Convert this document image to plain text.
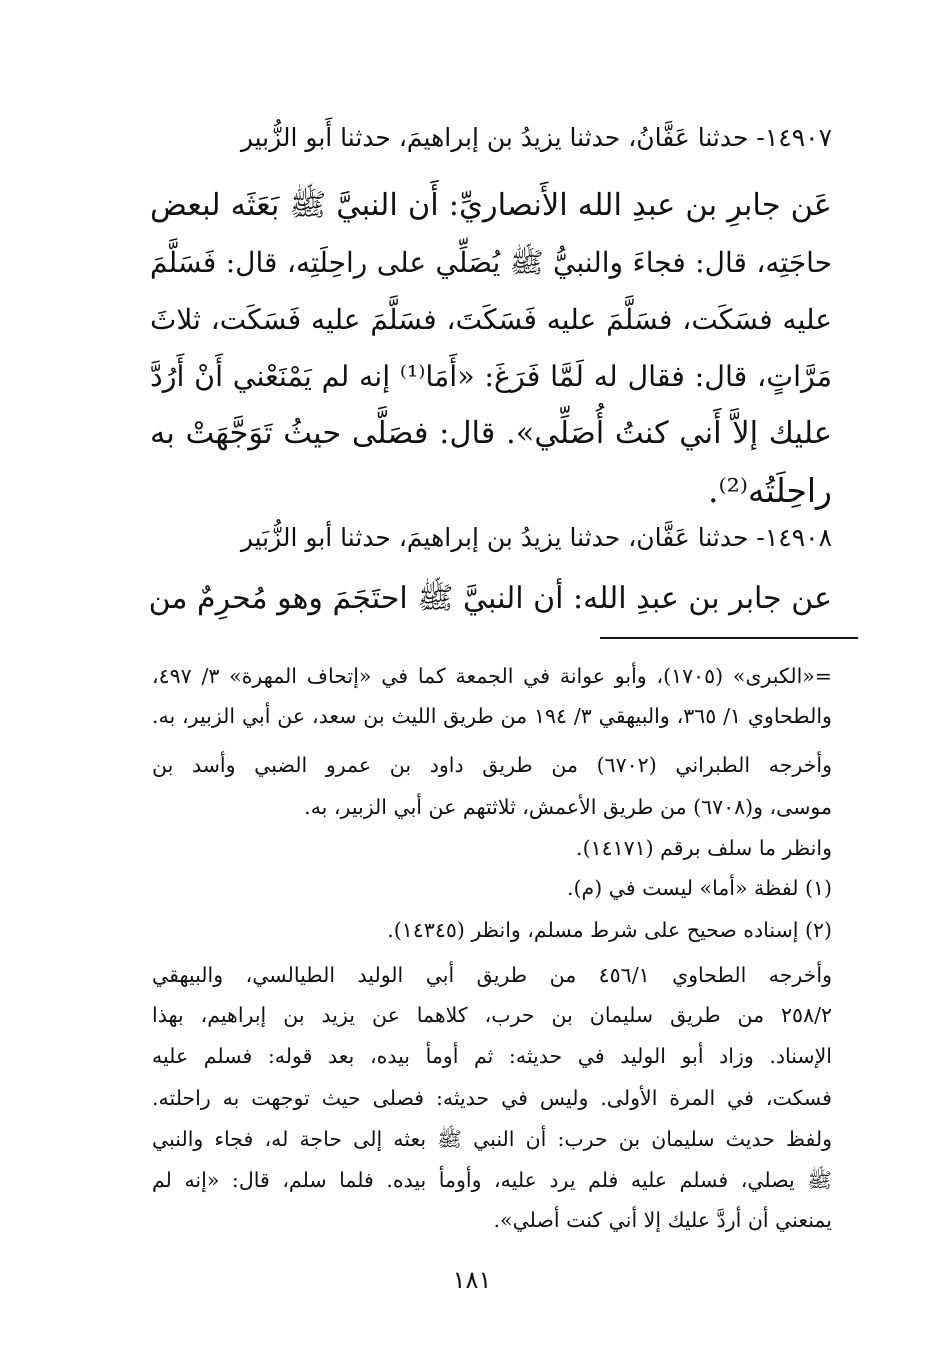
١٤٩٠٧- حدثنا عَفَّانُ، حدثنا يزيدُ بن إبراهيمَ، حدثنا أَبو الزُّبير
عَن جابرِ بن عبدِ الله الأَنصاريِّ: أَن النبيَّ ﷺ بَعَثَه لبعض
حاجَتِه، قال: فجاءَ والنبيُّ ﷺ يُصَلِّي على راحِلَتِه، قال: فَسَلَّمَ
عليه فسَكَت، فسَلَّمَ عليه فَسَكَتَ، فسَلَّمَ عليه فَسَكَت، ثلاثَ
مَرَّاتٍ، قال: فقال له لَمَّا فَرَغَ: «أَمَا⁽¹⁾ إنه لم يَمْنَعْني أَنْ أَرُدَّ
عليك إلاَّ أَني كنتُ أُصَلِّي». قال: فصَلَّى حيثُ تَوَجَّهَتْ به
راحِلَتُه⁽²⁾.
١٤٩٠٨- حدثنا عَفَّان، حدثنا يزيدُ بن إبراهيمَ، حدثنا أبو الزُّبَير
عن جابر بن عبدِ الله: أن النبيَّ ﷺ احتَجَمَ وهو مُحرِمٌ من
=«الكبرى» (١٧٠٥)، وأبو عوانة في الجمعة كما في «إتحاف المهرة» ٣/ ٤٩٧،
والطحاوي ١/ ٣٦٥، والبيهقي ٣/ ١٩٤ من طريق الليث بن سعد، عن أبي الزبير، به.
وأخرجه الطبراني (٦٧٠٢) من طريق داود بن عمرو الضبي وأسد بن
موسى، و(٦٧٠٨) من طريق الأعمش، ثلاثتهم عن أبي الزبير، به.
وانظر ما سلف برقم (١٤١٧١).
(١) لفظة «أما» ليست في (م).
(٢) إسناده صحيح على شرط مسلم، وانظر (١٤٣٤٥).
وأخرجه الطحاوي ٤٥٦/١ من طريق أبي الوليد الطيالسي، والبيهقي
٢٥٨/٢ من طريق سليمان بن حرب، كلاهما عن يزيد بن إبراهيم، بهذا
الإسناد. وزاد أبو الوليد في حديثه: ثم أومأ بيده، بعد قوله: فسلم عليه
فسكت، في المرة الأولى. وليس في حديثه: فصلى حيث توجهت به راحلته.
ولفظ حديث سليمان بن حرب: أن النبي ﷺ بعثه إلى حاجة له، فجاء والنبي
ﷺ يصلي، فسلم عليه فلم يرد عليه، وأومأ بيده. فلما سلم، قال: «إنه لم
يمنعني أن أردَّ عليك إلا أني كنت أصلي».
١٨١
